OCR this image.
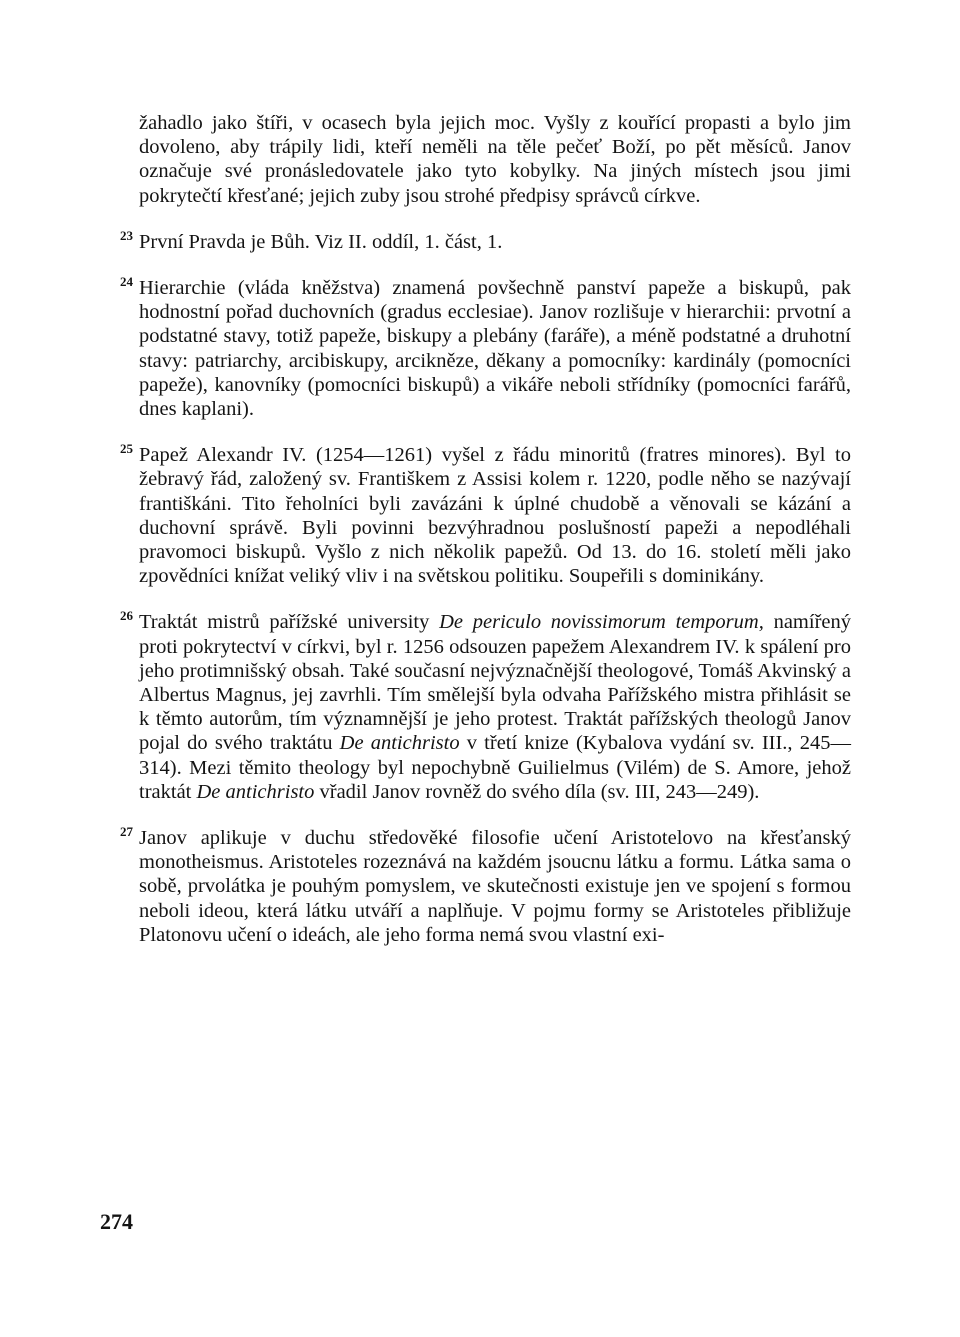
žahadlo jako štíři, v ocasech byla jejich moc. Vyšly z kouřící propasti a bylo jim dovoleno, aby trápily lidi, kteří neměli na těle pečeť Boží, po pět měsíců. Janov označuje své pronásledovatele jako tyto kobylky. Na jiných místech jsou jimi pokrytečtí křesťané; jejich zuby jsou strohé předpisy správců církve.

23 První Pravda je Bůh. Viz II. oddíl, 1. část, 1.

24 Hierarchie (vláda kněžstva) znamená povšechně panství papeže a biskupů, pak hodnostní pořad duchovních (gradus ecclesiae). Janov rozlišuje v hierarchii: prvotní a podstatné stavy, totiž papeže, biskupy a plebány (faráře), a méně podstatné a druhotní stavy: patriarchy, arcibiskupy, arcikněze, děkany a pomocníky: kardinály (pomocníci papeže), kanovníky (pomocníci biskupů) a vikáře neboli střídníky (pomocníci farářů, dnes kaplani).

25 Papež Alexandr IV. (1254—1261) vyšel z řádu minoritů (fratres minores). Byl to žebravý řád, založený sv. Františkem z Assisi kolem r. 1220, podle něho se nazývají františkáni. Tito řeholníci byli zavázáni k úplné chudobě a věnovali se kázání a duchovní správě. Byli povinni bezvýhradnou poslušností papeži a nepodléhali pravomoci biskupů. Vyšlo z nich několik papežů. Od 13. do 16. století měli jako zpovědníci knížat veliký vliv i na světskou politiku. Soupeřili s dominikány.

26 Traktát mistrů pařížské university De periculo novissimorum temporum, namířený proti pokrytectví v církvi, byl r. 1256 odsouzen papežem Alexandrem IV. k spálení pro jeho protimnišský obsah. Také současní nejvýznačnější theologové, Tomáš Akvinský a Albertus Magnus, jej zavrhli. Tím smělejší byla odvaha Pařížského mistra přihlásit se k těmto autorům, tím významnější je jeho protest. Traktát pařížských theologů Janov pojal do svého traktátu De antichristo v třetí knize (Kybalova vydání sv. III., 245—314). Mezi těmito theology byl nepochybně Guilielmus (Vilém) de S. Amore, jehož traktát De antichristo vřadil Janov rovněž do svého díla (sv. III, 243—249).

27 Janov aplikuje v duchu středověké filosofie učení Aristotelovo na křesťanský monotheismus. Aristoteles rozeznává na každém jsoucnu látku a formu. Látka sama o sobě, prvolátka je pouhým pomyslem, ve skutečnosti existuje jen ve spojení s formou neboli ideou, která látku utváří a naplňuje. V pojmu formy se Aristoteles přibližuje Platonovu učení o ideách, ale jeho forma nemá svou vlastní exi-

274
